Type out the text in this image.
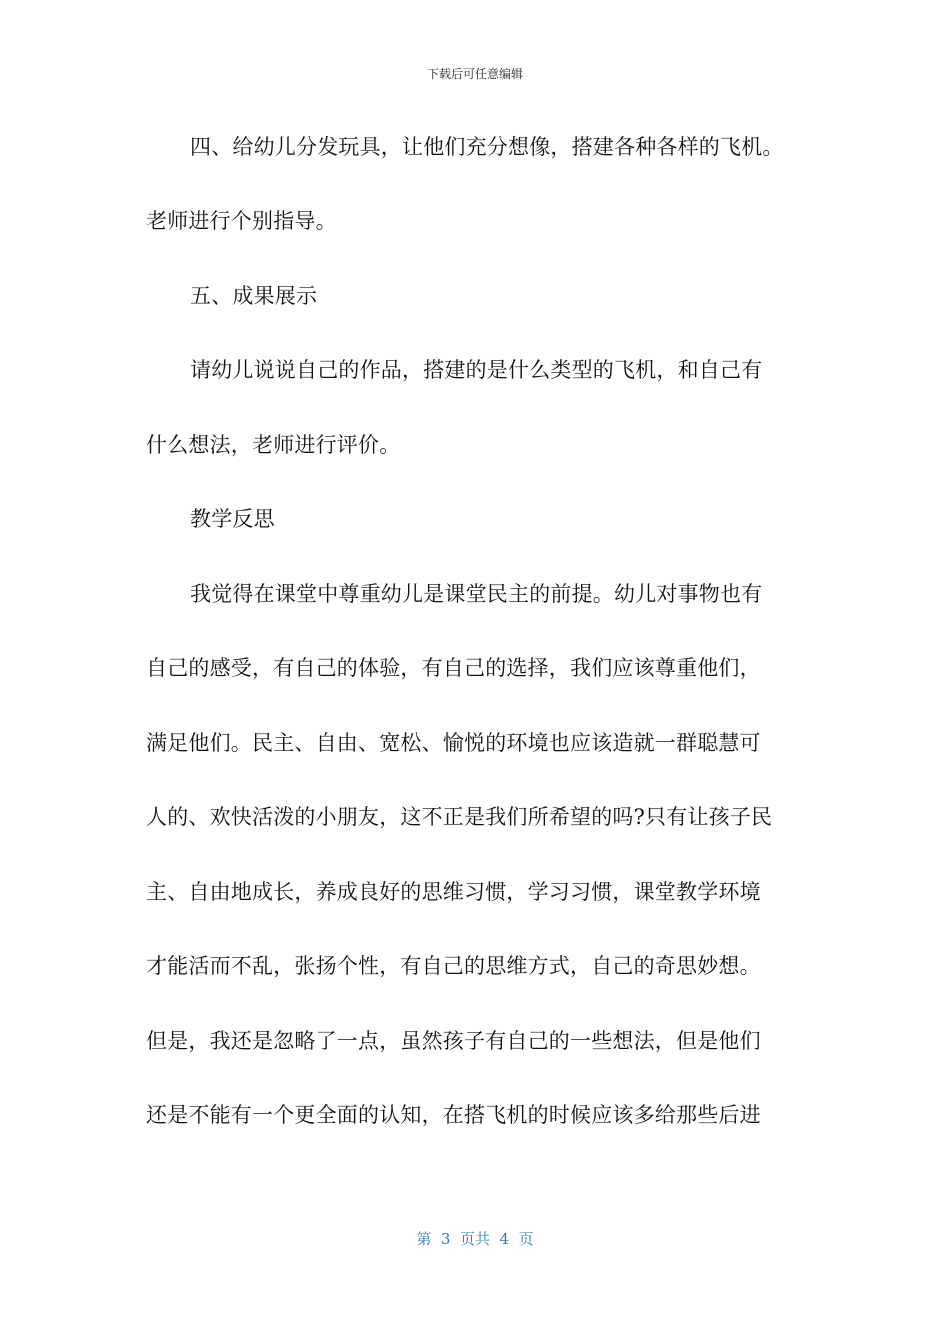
下载后可任意编辑
四、给幼儿分发玩具，让他们充分想像，搭建各种各样的飞机。
老师进行个别指导。
五、成果展示
请幼儿说说自己的作品，搭建的是什么类型的飞机，和自己有
什么想法，老师进行评价。
教学反思
我觉得在课堂中尊重幼儿是课堂民主的前提。幼儿对事物也有
自己的感受，有自己的体验，有自己的选择，我们应该尊重他们，
满足他们。民主、自由、宽松、愉悦的环境也应该造就一群聪慧可
人的、欢快活泼的小朋友，这不正是我们所希望的吗?只有让孩子民
主、自由地成长，养成良好的思维习惯，学习习惯，课堂教学环境
才能活而不乱，张扬个性，有自己的思维方式，自己的奇思妙想。
但是，我还是忽略了一点，虽然孩子有自己的一些想法，但是他们
还是不能有一个更全面的认知，在搭飞机的时候应该多给那些后进
第  3  页共  4  页
